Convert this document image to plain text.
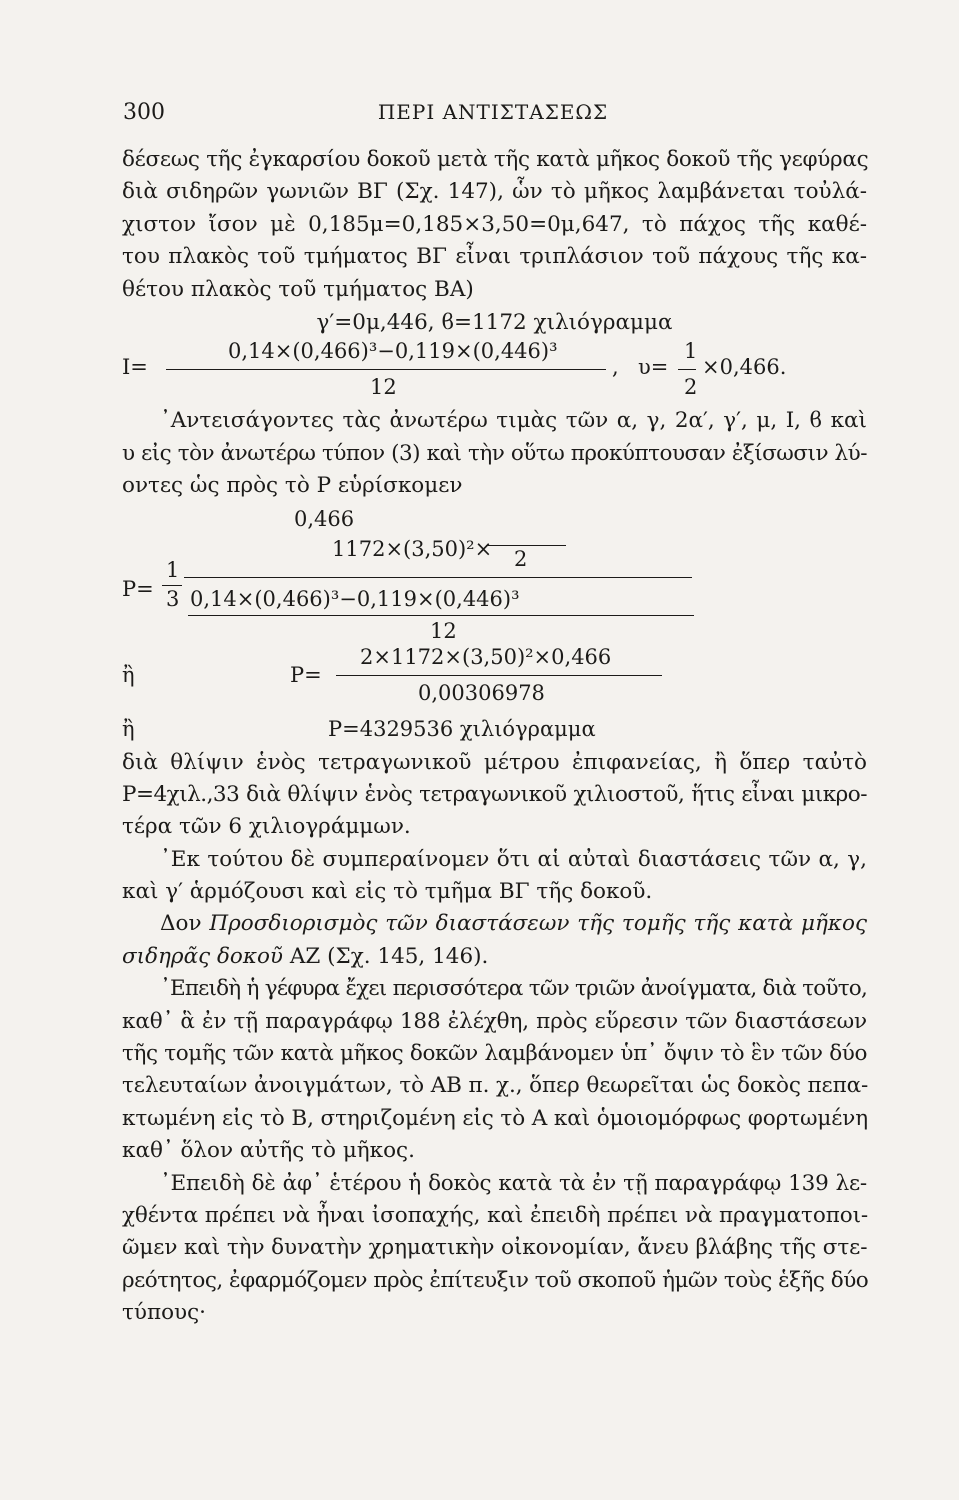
300	ΠΕΡΙ ΑΝΤΙΣΤΑΣΕΩΣ
δέσεως τῆς ἐγκαρσίου δοκοῦ μετὰ τῆς κατὰ μῆκος δοκοῦ τῆς γεφύρας
διὰ σιδηρῶν γωνιῶν ΒΓ (Σχ. 147), ὧν τὸ μῆκος λαμβάνεται τοὐλά-
χιστον ἴσον μὲ 0,185μ=0,185×3,50=0μ,647, τὸ πάχος τῆς καθέ-
του πλακὸς τοῦ τμήματος ΒΓ εἶναι τριπλάσιον τοῦ πάχους τῆς κα-
θέτου πλακὸς τοῦ τμήματος ΒΑ)
γ′=0μ,446, ϐ=1172 χιλιόγραμμα
I=
0,14×(0,466)³−0,119×(0,446)³
12
, υ=
1
2
×0,466.
᾿Αντεισάγοντες τὰς ἀνωτέρω τιμὰς τῶν α, γ, 2α′, γ′, μ, Ι, ϐ καὶ
υ εἰς τὸν ἀνωτέρω τύπον (3) καὶ τὴν οὕτω προκύπτουσαν ἐξίσωσιν λύ-
οντες ὡς πρὸς τὸ P εὑρίσκομεν
0,466
1172×(3,50)²× 2
P=
1
3 0,14×(0,466)³−0,119×(0,446)³
12
ἢ	P=
2×1172×(3,50)²×0,466
0,00306978
ἢ	P=4329536 χιλιόγραμμα
διὰ θλίψιν ἑνὸς τετραγωνικοῦ μέτρου ἐπιφανείας, ἢ ὅπερ ταὐτὸ
P=4χιλ.,33 διὰ θλίψιν ἑνὸς τετραγωνικοῦ χιλιοστοῦ, ἥτις εἶναι μικρο-
τέρα τῶν 6 χιλιογράμμων.
᾿Εκ τούτου δὲ συμπεραίνομεν ὅτι αἱ αὐταὶ διαστάσεις τῶν α, γ,
καὶ γ′ ἁρμόζουσι καὶ εἰς τὸ τμῆμα ΒΓ τῆς δοκοῦ.
Δον Προσδιορισμὸς τῶν διαστάσεων τῆς τομῆς τῆς κατὰ μῆκος
σιδηρᾶς δοκοῦ ΑΖ (Σχ. 145, 146).
᾿Επειδὴ ἡ γέφυρα ἔχει περισσότερα τῶν τριῶν ἀνοίγματα, διὰ τοῦτο,
καθ᾿ ἃ ἐν τῇ παραγράφῳ 188 ἐλέχθη, πρὸς εὕρεσιν τῶν διαστάσεων
τῆς τομῆς τῶν κατὰ μῆκος δοκῶν λαμβάνομεν ὑπ᾿ ὄψιν τὸ ἓν τῶν δύο
τελευταίων ἀνοιγμάτων, τὸ ΑΒ π. χ., ὅπερ θεωρεῖται ὡς δοκὸς πεπα-
κτωμένη εἰς τὸ Β, στηριζομένη εἰς τὸ Α καὶ ὁμοιομόρφως φορτωμένη
καθ᾿ ὅλον αὐτῆς τὸ μῆκος.
᾿Επειδὴ δὲ ἀφ᾿ ἑτέρου ἡ δοκὸς κατὰ τὰ ἐν τῇ παραγράφῳ 139 λε-
χθέντα πρέπει νὰ ἦναι ἰσοπαχής, καὶ ἐπειδὴ πρέπει νὰ πραγματοποι-
ῶμεν καὶ τὴν δυνατὴν χρηματικὴν οἰκονομίαν, ἄνευ βλάβης τῆς στε-
ρεότητος, ἐφαρμόζομεν πρὸς ἐπίτευξιν τοῦ σκοποῦ ἡμῶν τοὺς ἑξῆς δύο
τύπους·
